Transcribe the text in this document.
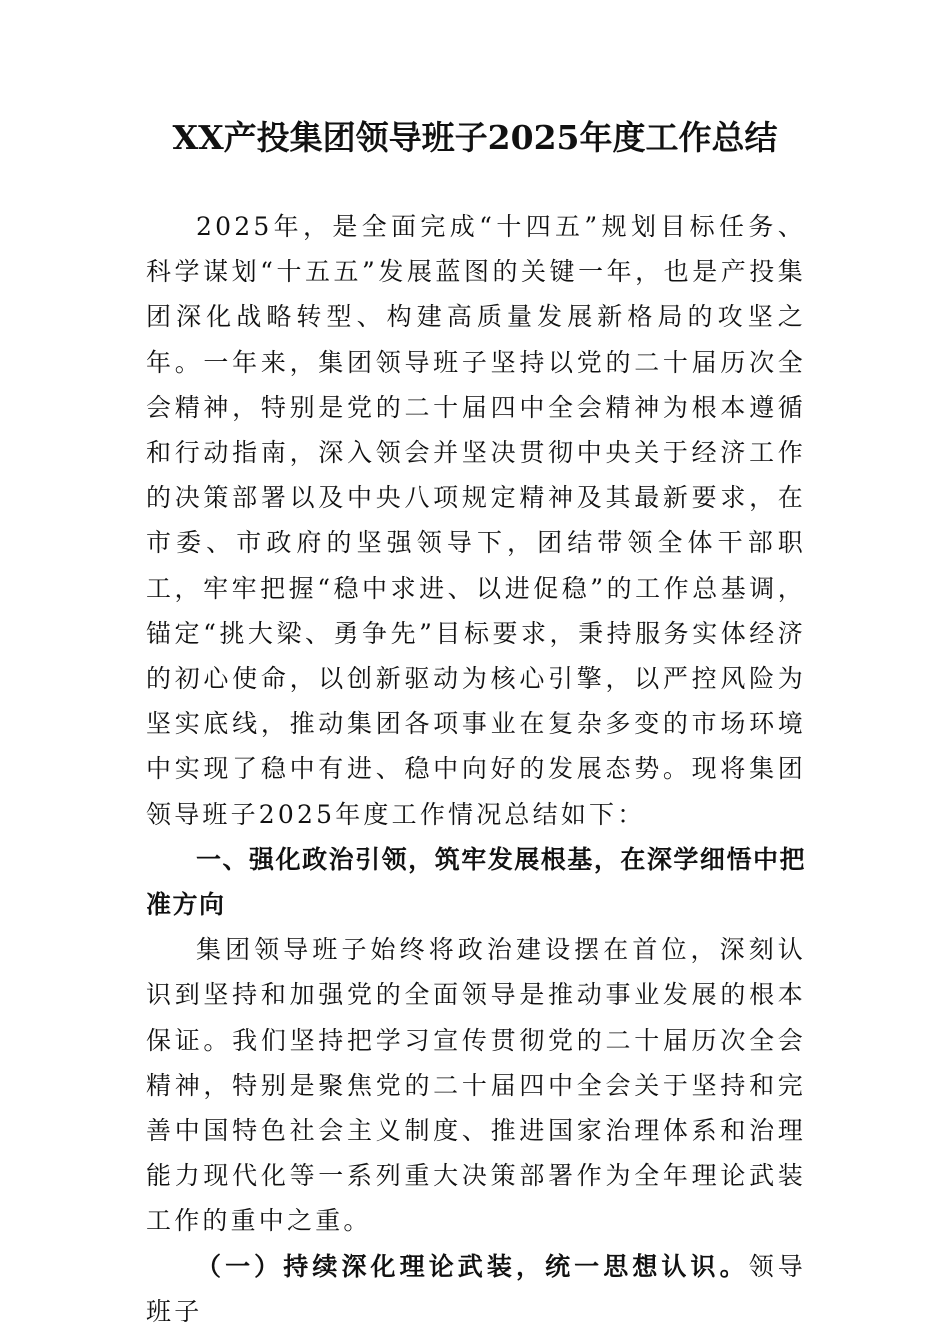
XX产投集团领导班子2025年度工作总结

2025年，是全面完成“十四五”规划目标任务、科学谋划“十五五”发展蓝图的关键一年，也是产投集团深化战略转型、构建高质量发展新格局的攻坚之年。一年来，集团领导班子坚持以党的二十届历次全会精神，特别是党的二十届四中全会精神为根本遵循和行动指南，深入领会并坚决贯彻中央关于经济工作的决策部署以及中央八项规定精神及其最新要求，在市委、市政府的坚强领导下，团结带领全体干部职工，牢牢把握“稳中求进、以进促稳”的工作总基调，锚定“挑大梁、勇争先”目标要求，秉持服务实体经济的初心使命，以创新驱动为核心引擎，以严控风险为坚实底线，推动集团各项事业在复杂多变的市场环境中实现了稳中有进、稳中向好的发展态势。现将集团领导班子2025年度工作情况总结如下：

一、强化政治引领，筑牢发展根基，在深学细悟中把准方向

集团领导班子始终将政治建设摆在首位，深刻认识到坚持和加强党的全面领导是推动事业发展的根本保证。我们坚持把学习宣传贯彻党的二十届历次全会精神，特别是聚焦党的二十届四中全会关于坚持和完善中国特色社会主义制度、推进国家治理体系和治理能力现代化等一系列重大决策部署作为全年理论武装工作的重中之重。

（一）持续深化理论武装，统一思想认识。领导班子
